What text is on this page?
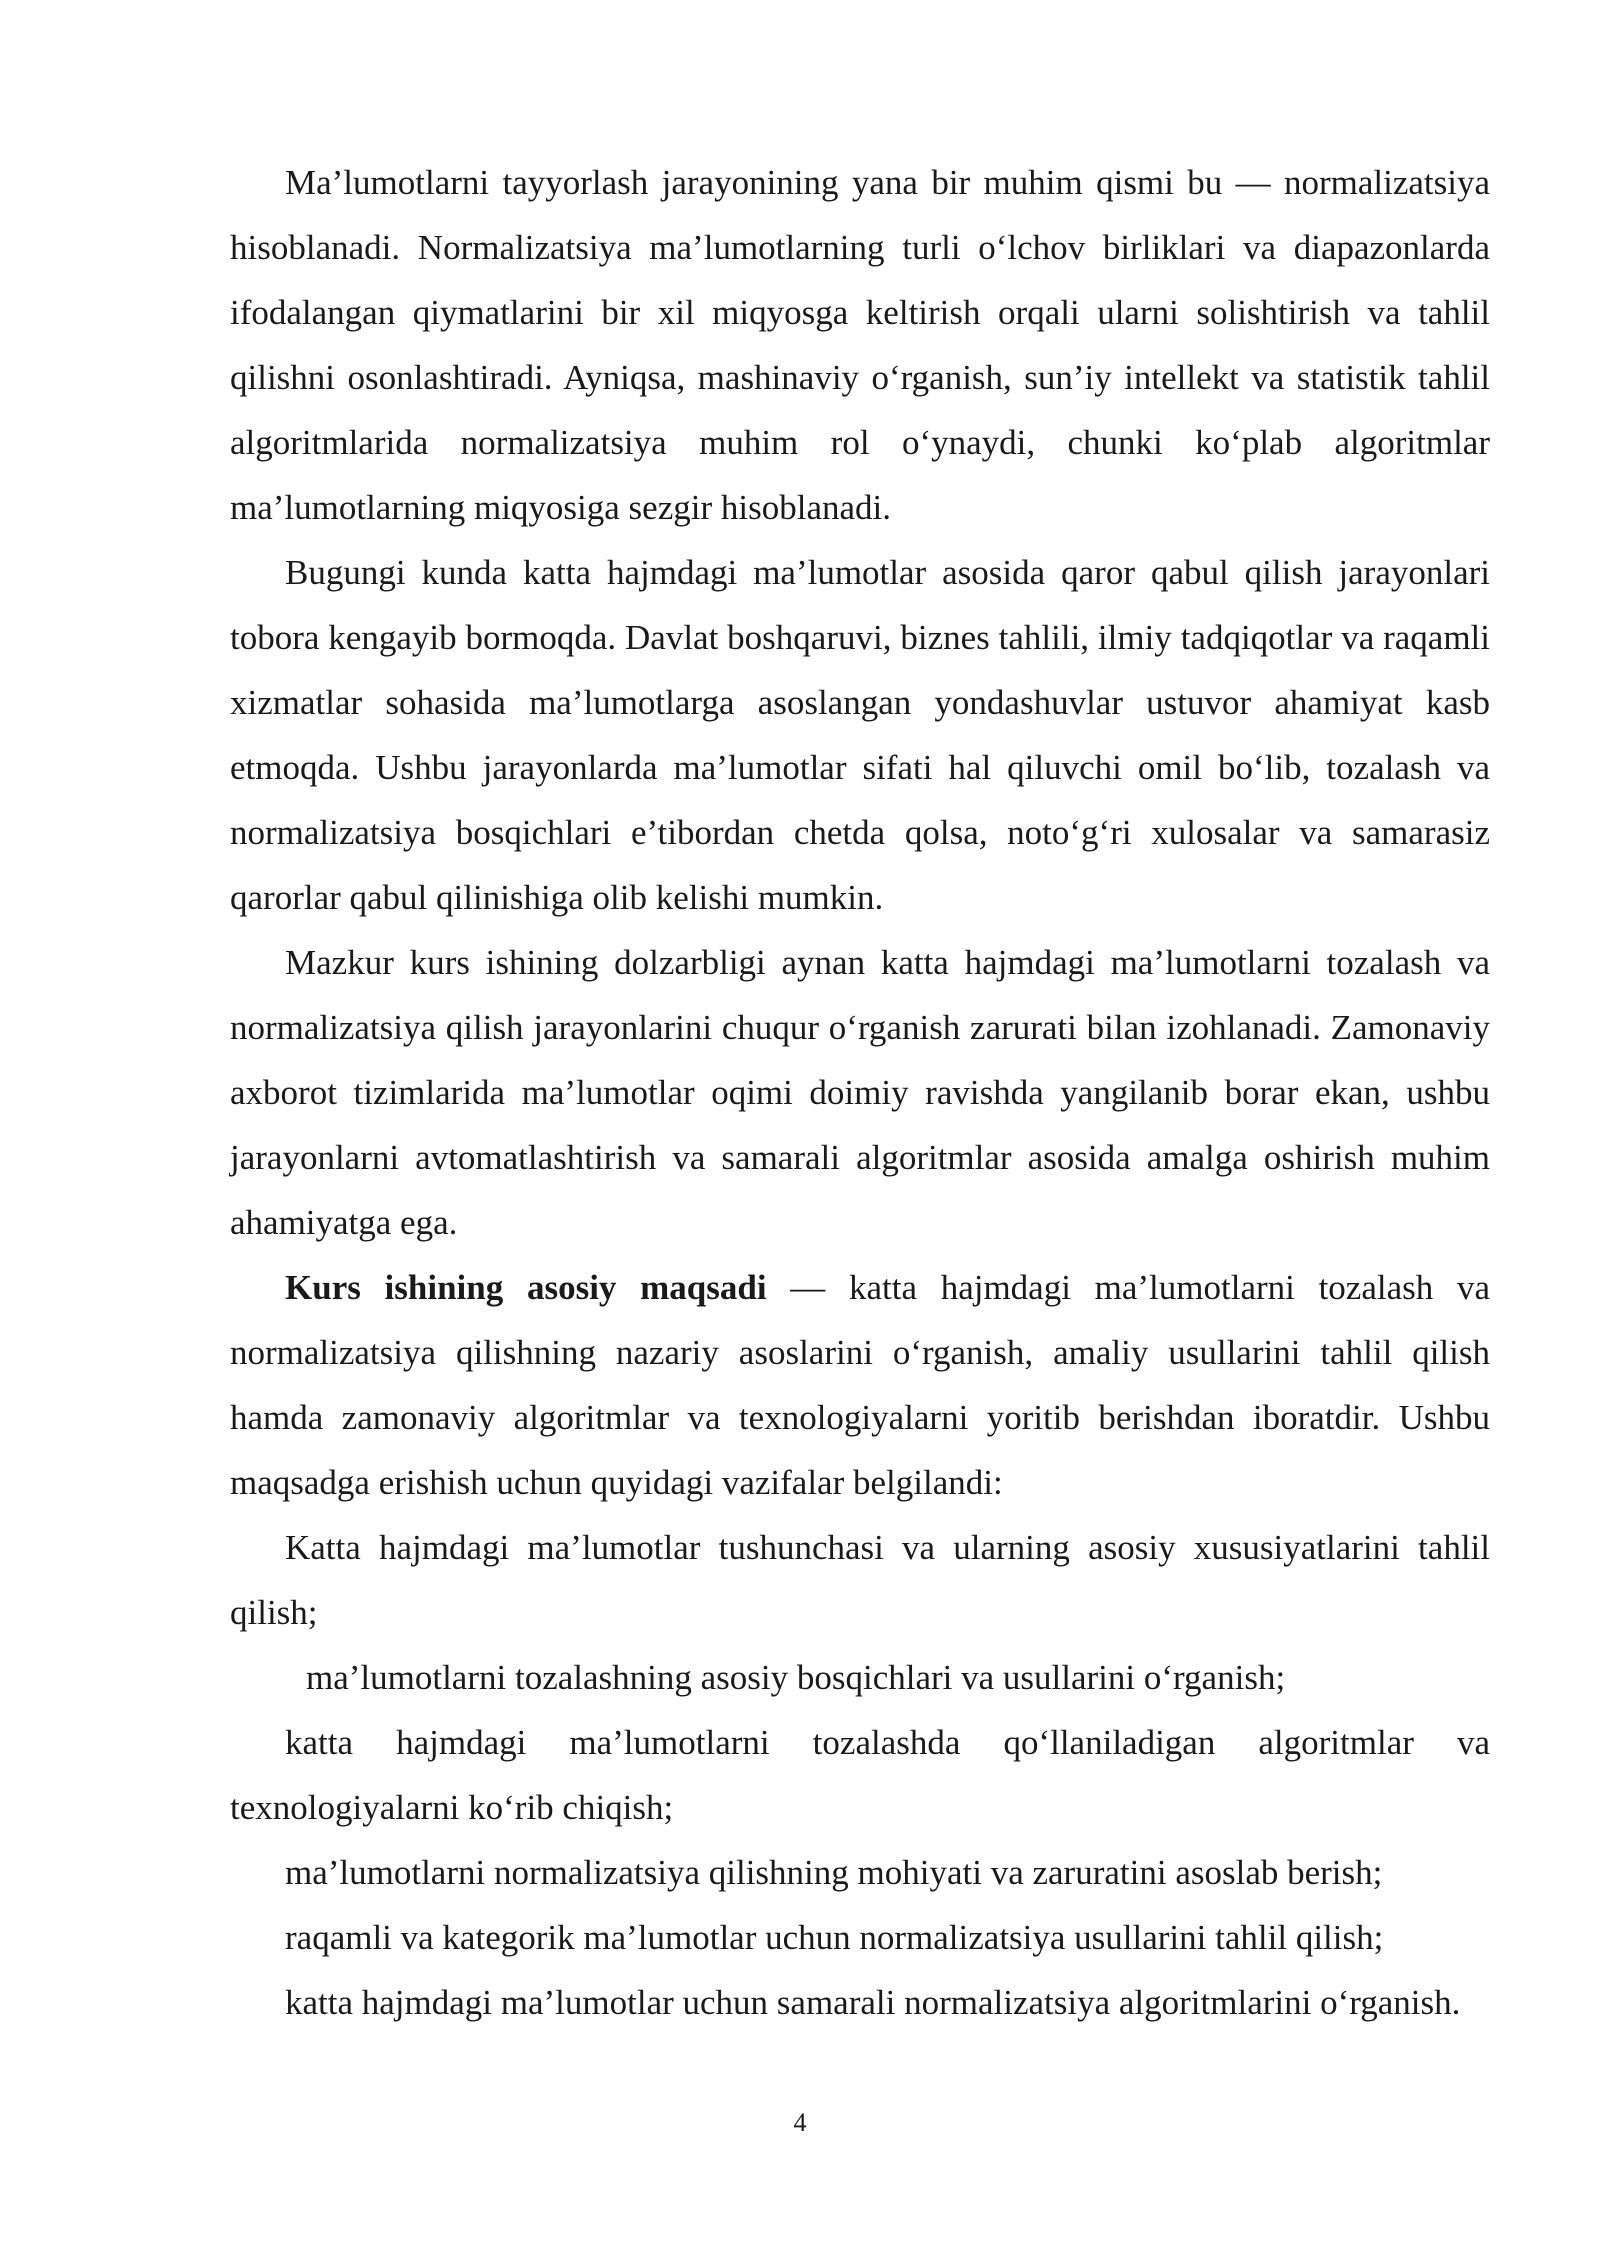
Ma’lumotlarni tayyorlash jarayonining yana bir muhim qismi bu — normalizatsiya hisoblanadi. Normalizatsiya ma’lumotlarning turli o‘lchov birliklari va diapazonlarda ifodalangan qiymatlarini bir xil miqyosga keltirish orqali ularni solishtirish va tahlil qilishni osonlashtiradi. Ayniqsa, mashinaviy o‘rganish, sun’iy intellekt va statistik tahlil algoritmlarida normalizatsiya muhim rol o‘ynaydi, chunki ko‘plab algoritmlar ma’lumotlarning miqyosiga sezgir hisoblanadi.

Bugungi kunda katta hajmdagi ma’lumotlar asosida qaror qabul qilish jarayonlari tobora kengayib bormoqda. Davlat boshqaruvi, biznes tahlili, ilmiy tadqiqotlar va raqamli xizmatlar sohasida ma’lumotlarga asoslangan yondashuvlar ustuvor ahamiyat kasb etmoqda. Ushbu jarayonlarda ma’lumotlar sifati hal qiluvchi omil bo‘lib, tozalash va normalizatsiya bosqichlari e’tibordan chetda qolsa, noto‘g‘ri xulosalar va samarasiz qarorlar qabul qilinishiga olib kelishi mumkin.

Mazkur kurs ishining dolzarbligi aynan katta hajmdagi ma’lumotlarni tozalash va normalizatsiya qilish jarayonlarini chuqur o‘rganish zarurati bilan izohlanadi. Zamonaviy axborot tizimlarida ma’lumotlar oqimi doimiy ravishda yangilanib borar ekan, ushbu jarayonlarni avtomatlashtirish va samarali algoritmlar asosida amalga oshirish muhim ahamiyatga ega.

Kurs ishining asosiy maqsadi — katta hajmdagi ma’lumotlarni tozalash va normalizatsiya qilishning nazariy asoslarini o‘rganish, amaliy usullarini tahlil qilish hamda zamonaviy algoritmlar va texnologiyalarni yoritib berishdan iboratdir. Ushbu maqsadga erishish uchun quyidagi vazifalar belgilandi:

Katta hajmdagi ma’lumotlar tushunchasi va ularning asosiy xususiyatlarini tahlil qilish;

ma’lumotlarni tozalashning asosiy bosqichlari va usullarini o‘rganish;

katta hajmdagi ma’lumotlarni tozalashda qo‘llaniladigan algoritmlar va texnologiyalarni ko‘rib chiqish;

ma’lumotlarni normalizatsiya qilishning mohiyati va zaruratini asoslab berish;

raqamli va kategorik ma’lumotlar uchun normalizatsiya usullarini tahlil qilish;

katta hajmdagi ma’lumotlar uchun samarali normalizatsiya algoritmlarini o‘rganish.

4
